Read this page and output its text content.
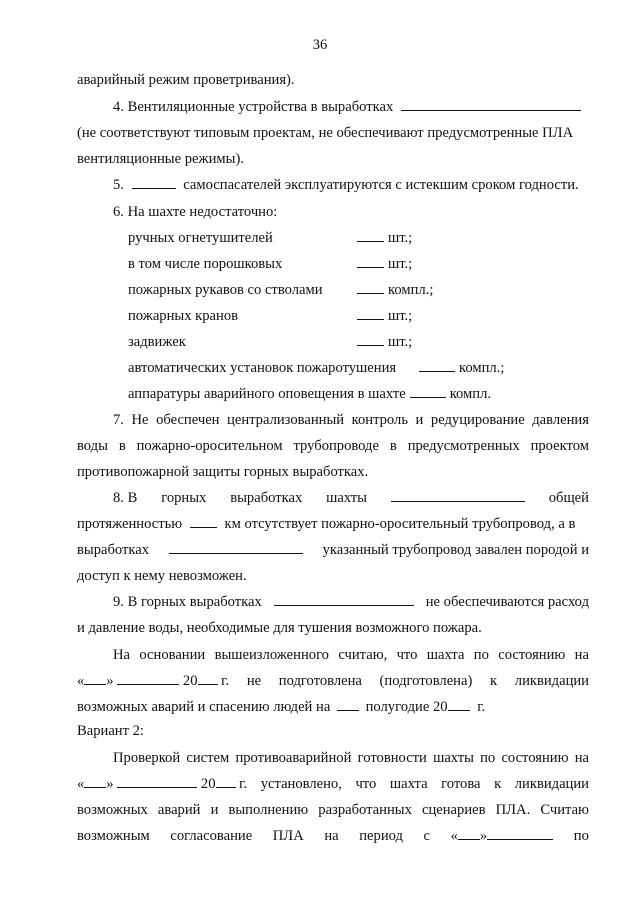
36
аварийный режим проветривания).
4. Вентиляционные устройства в выработках
(не соответствуют типовым проектам, не обеспечивают предусмотренные ПЛА
вентиляционные режимы).
5.	самоспасателей эксплуатируются с истекшим сроком годности.
6. На шахте недостаточно:
ручных огнетушителей	шт.;
в том числе порошковых	шт.;
пожарных рукавов со стволами	компл.;
пожарных кранов	шт.;
задвижек	шт.;
автоматических установок пожаротушения	компл.;
аппаратуры аварийного оповещения в шахте	компл.
7. Не обеспечен централизованный контроль и редуцирование давления
воды в пожарно-оросительном трубопроводе в предусмотренных проектом
противопожарной защиты горных выработках.
8. В горных выработках шахты	общей
протяженностью	км отсутствует пожарно-оросительный трубопровод, а в
выработках	указанный трубопровод завален породой и
доступ к нему невозможен.
9. В горных выработках	не обеспечиваются расход
и давление воды, необходимые для тушения возможного пожара.
На основании вышеизложенного считаю, что шахта по состоянию на
« »	20 г. не подготовлена (подготовлена) к ликвидации
возможных аварий и спасению людей на полугодие 20 г.
Вариант 2:
Проверкой систем противоаварийной готовности шахты по состоянию на
« »	20 г. установлено, что шахта готова к ликвидации
возможных аварий и выполнению разработанных сценариев ПЛА. Считаю
возможным согласование ПЛА на период с « »	по
